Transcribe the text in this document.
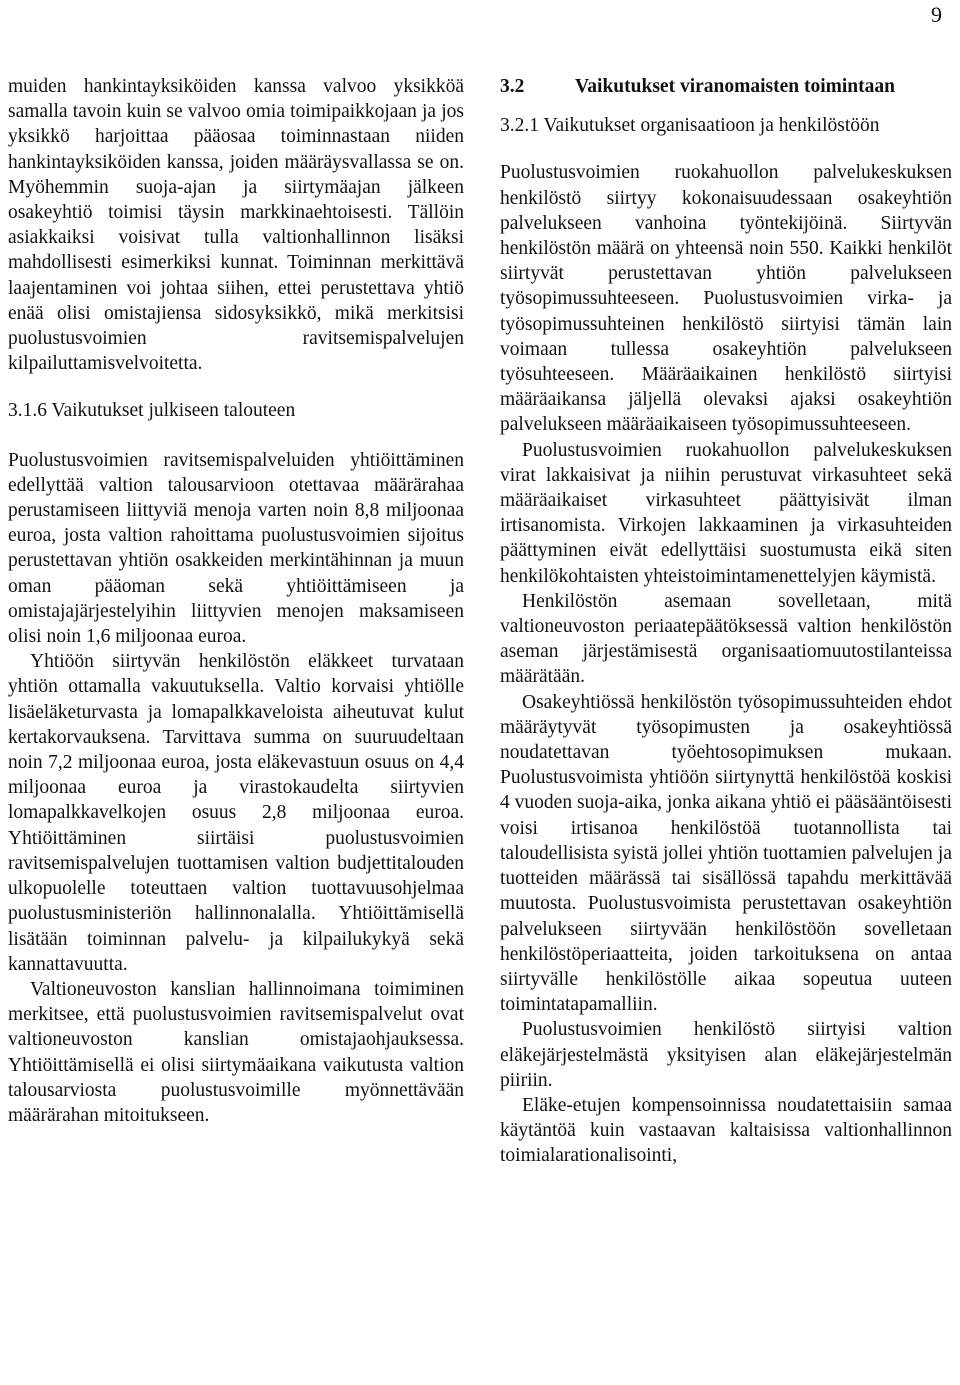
9

muiden hankintayksiköiden kanssa valvoo yksikköä samalla tavoin kuin se valvoo omia toimipaikkojaan ja jos yksikkö harjoittaa pääosaa toiminnastaan niiden hankintayksiköiden kanssa, joiden määräysvallassa se on. Myöhemmin suoja-ajan ja siirtymäajan jälkeen osakeyhtiö toimisi täysin markkinaehtoisesti. Tällöin asiakkaiksi voisivat tulla valtionhallinnon lisäksi mahdollisesti esimerkiksi kunnat. Toiminnan merkittävä laajentaminen voi johtaa siihen, ettei perustettava yhtiö enää olisi omistajiensa sidosyksikkö, mikä merkitsisi puolustusvoimien ravitsemispalvelujen kilpailuttamisvelvoitetta.

3.1.6 Vaikutukset julkiseen talouteen

Puolustusvoimien ravitsemispalveluiden yhtiöittäminen edellyttää valtion talousarvioon otettavaa määrärahaa perustamiseen liittyviä menoja varten noin 8,8 miljoonaa euroa, josta valtion rahoittama puolustusvoimien sijoitus perustettavan yhtiön osakkeiden merkintähinnan ja muun oman pääoman sekä yhtiöittämiseen ja omistajajärjestelyihin liittyvien menojen maksamiseen olisi noin 1,6 miljoonaa euroa.

Yhtiöön siirtyvän henkilöstön eläkkeet turvataan yhtiön ottamalla vakuutuksella. Valtio korvaisi yhtiölle lisäeläketurvasta ja lomapalkkaveloista aiheutuvat kulut kertakorvauksena. Tarvittava summa on suuruudeltaan noin 7,2 miljoonaa euroa, josta eläkevastuun osuus on 4,4 miljoonaa euroa ja virastokaudelta siirtyvien lomapalkkavelkojen osuus 2,8 miljoonaa euroa. Yhtiöittäminen siirtäisi puolustusvoimien ravitsemispalvelujen tuottamisen valtion budjettitalouden ulkopuolelle toteuttaen valtion tuottavuusohjelmaa puolustusministeriön hallinnonalalla. Yhtiöittämisellä lisätään toiminnan palvelu- ja kilpailukykyä sekä kannattavuutta.

Valtioneuvoston kanslian hallinnoimana toimiminen merkitsee, että puolustusvoimien ravitsemispalvelut ovat valtioneuvoston kanslian omistajaohjauksessa. Yhtiöittämisellä ei olisi siirtymäaikana vaikutusta valtion talousarviosta puolustusvoimille myönnettävään määrärahan mitoitukseen.

3.2	Vaikutukset viranomaisten toimintaan
3.2.1 Vaikutukset organisaatioon ja henkilöstöön

Puolustusvoimien ruokahuollon palvelukeskuksen henkilöstö siirtyy kokonaisuudessaan osakeyhtiön palvelukseen vanhoina työntekijöinä. Siirtyvän henkilöstön määrä on yhteensä noin 550. Kaikki henkilöt siirtyvät perustettavan yhtiön palvelukseen työsopimussuhteeseen. Puolustusvoimien virka- ja työsopimussuhteinen henkilöstö siirtyisi tämän lain voimaan tullessa osakeyhtiön palvelukseen työsuhteeseen. Määräaikainen henkilöstö siirtyisi määräaikansa jäljellä olevaksi ajaksi osakeyhtiön palvelukseen määräaikaiseen työsopimussuhteeseen.

Puolustusvoimien ruokahuollon palvelukeskuksen virat lakkaisivat ja niihin perustuvat virkasuhteet sekä määräaikaiset virkasuhteet päättyisivät ilman irtisanomista. Virkojen lakkaaminen ja virkasuhteiden päättyminen eivät edellyttäisi suostumusta eikä siten henkilökohtaisten yhteistoimintamenettelyjen käymistä.

Henkilöstön asemaan sovelletaan, mitä valtioneuvoston periaatepäätöksessä valtion henkilöstön aseman järjestämisestä organisaatiomuutostilanteissa määrätään.

Osakeyhtiössä henkilöstön työsopimussuhteiden ehdot määräytyvät työsopimusten ja osakeyhtiössä noudatettavan työehtosopimuksen mukaan. Puolustusvoimista yhtiöön siirtynyttä henkilöstöä koskisi 4 vuoden suoja-aika, jonka aikana yhtiö ei pääsääntöisesti voisi irtisanoa henkilöstöä tuotannollista tai taloudellisista syistä jollei yhtiön tuottamien palvelujen ja tuotteiden määrässä tai sisällössä tapahdu merkittävää muutosta. Puolustusvoimista perustettavan osakeyhtiön palvelukseen siirtyvään henkilöstöön sovelletaan henkilöstöperiaatteita, joiden tarkoituksena on antaa siirtyvälle henkilöstölle aikaa sopeutua uuteen toimintatapamalliin.

Puolustusvoimien henkilöstö siirtyisi valtion eläkejärjestelmästä yksityisen alan eläkejärjestelmän piiriin.

Eläke-etujen kompensoinnissa noudatettaisiin samaa käytäntöä kuin vastaavan kaltaisissa valtionhallinnon toimialarationalisointi,
